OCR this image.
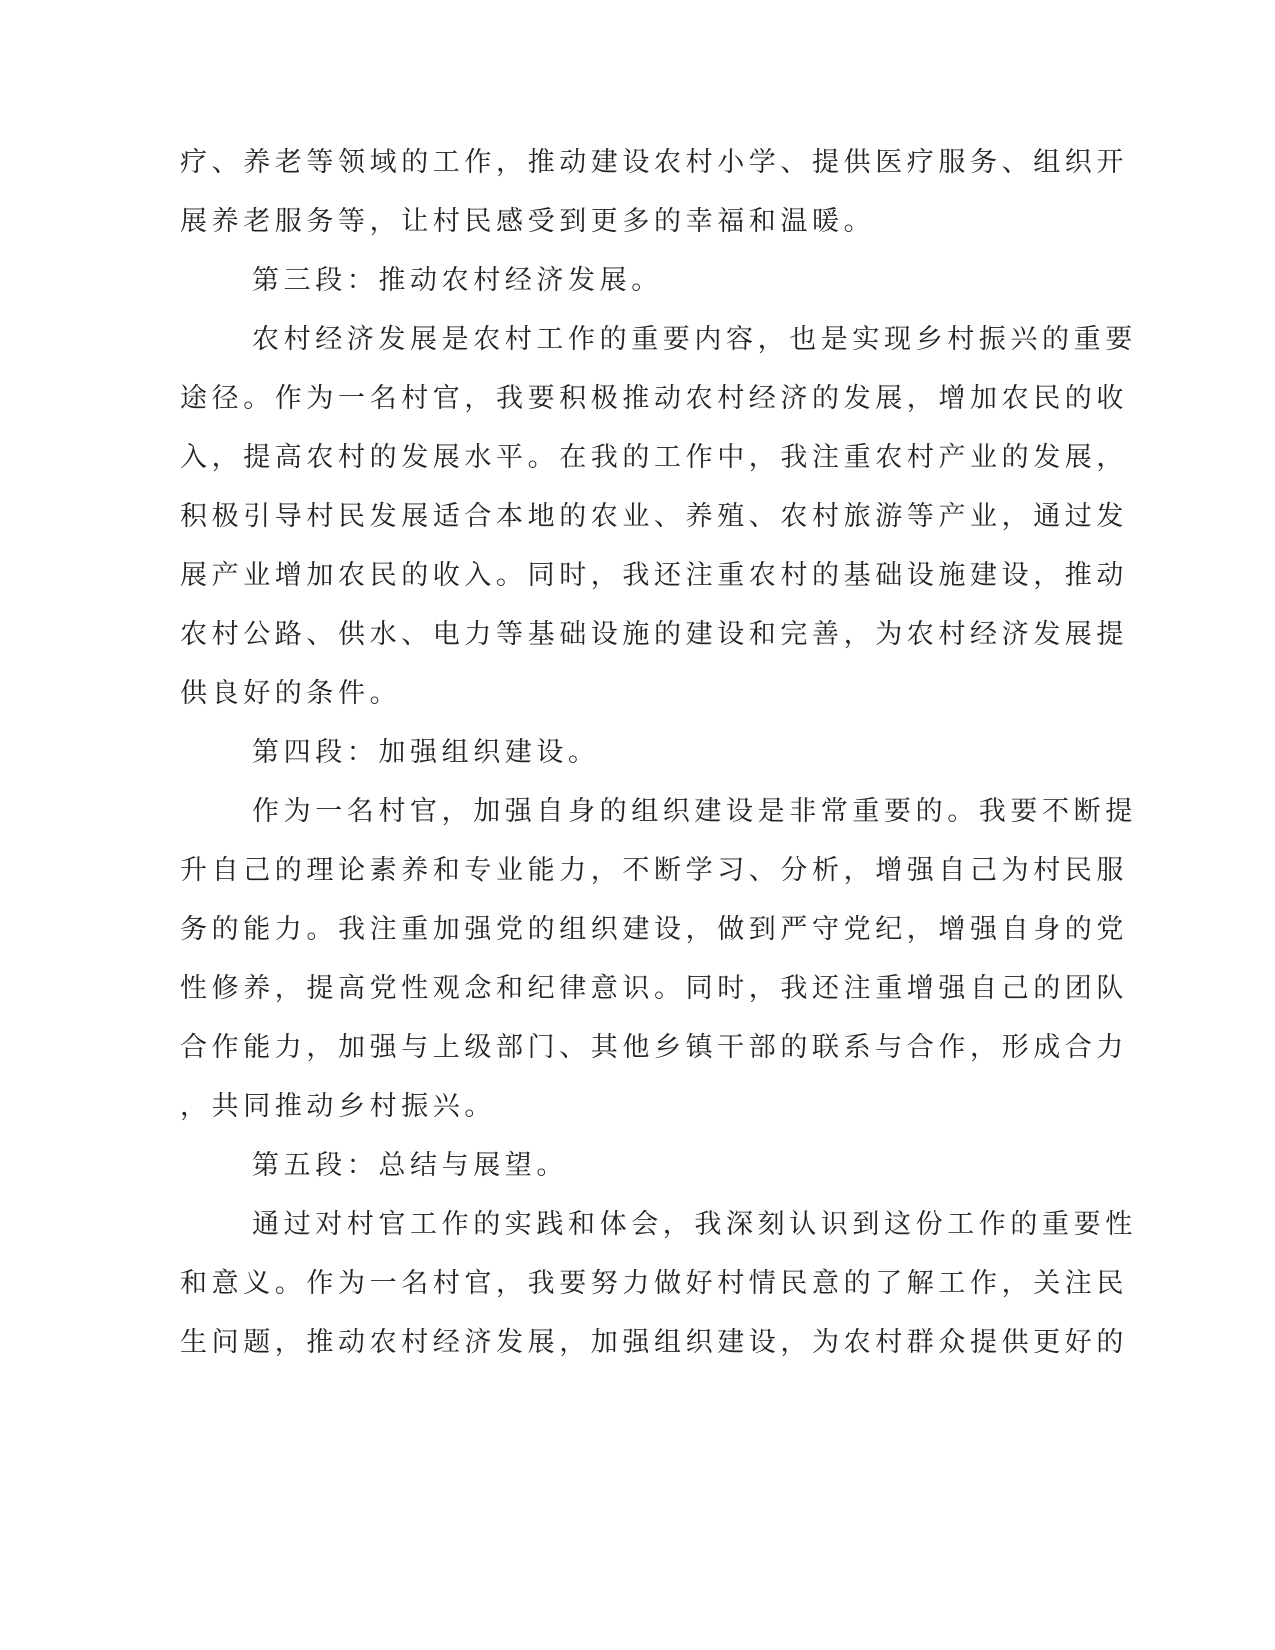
疗、养老等领域的工作，推动建设农村小学、提供医疗服务、组织开
展养老服务等，让村民感受到更多的幸福和温暖。
第三段：推动农村经济发展。
农村经济发展是农村工作的重要内容，也是实现乡村振兴的重要
途径。作为一名村官，我要积极推动农村经济的发展，增加农民的收
入，提高农村的发展水平。在我的工作中，我注重农村产业的发展，
积极引导村民发展适合本地的农业、养殖、农村旅游等产业，通过发
展产业增加农民的收入。同时，我还注重农村的基础设施建设，推动
农村公路、供水、电力等基础设施的建设和完善，为农村经济发展提
供良好的条件。
第四段：加强组织建设。
作为一名村官，加强自身的组织建设是非常重要的。我要不断提
升自己的理论素养和专业能力，不断学习、分析，增强自己为村民服
务的能力。我注重加强党的组织建设，做到严守党纪，增强自身的党
性修养，提高党性观念和纪律意识。同时，我还注重增强自己的团队
合作能力，加强与上级部门、其他乡镇干部的联系与合作，形成合力
，共同推动乡村振兴。
第五段：总结与展望。
通过对村官工作的实践和体会，我深刻认识到这份工作的重要性
和意义。作为一名村官，我要努力做好村情民意的了解工作，关注民
生问题，推动农村经济发展，加强组织建设，为农村群众提供更好的
